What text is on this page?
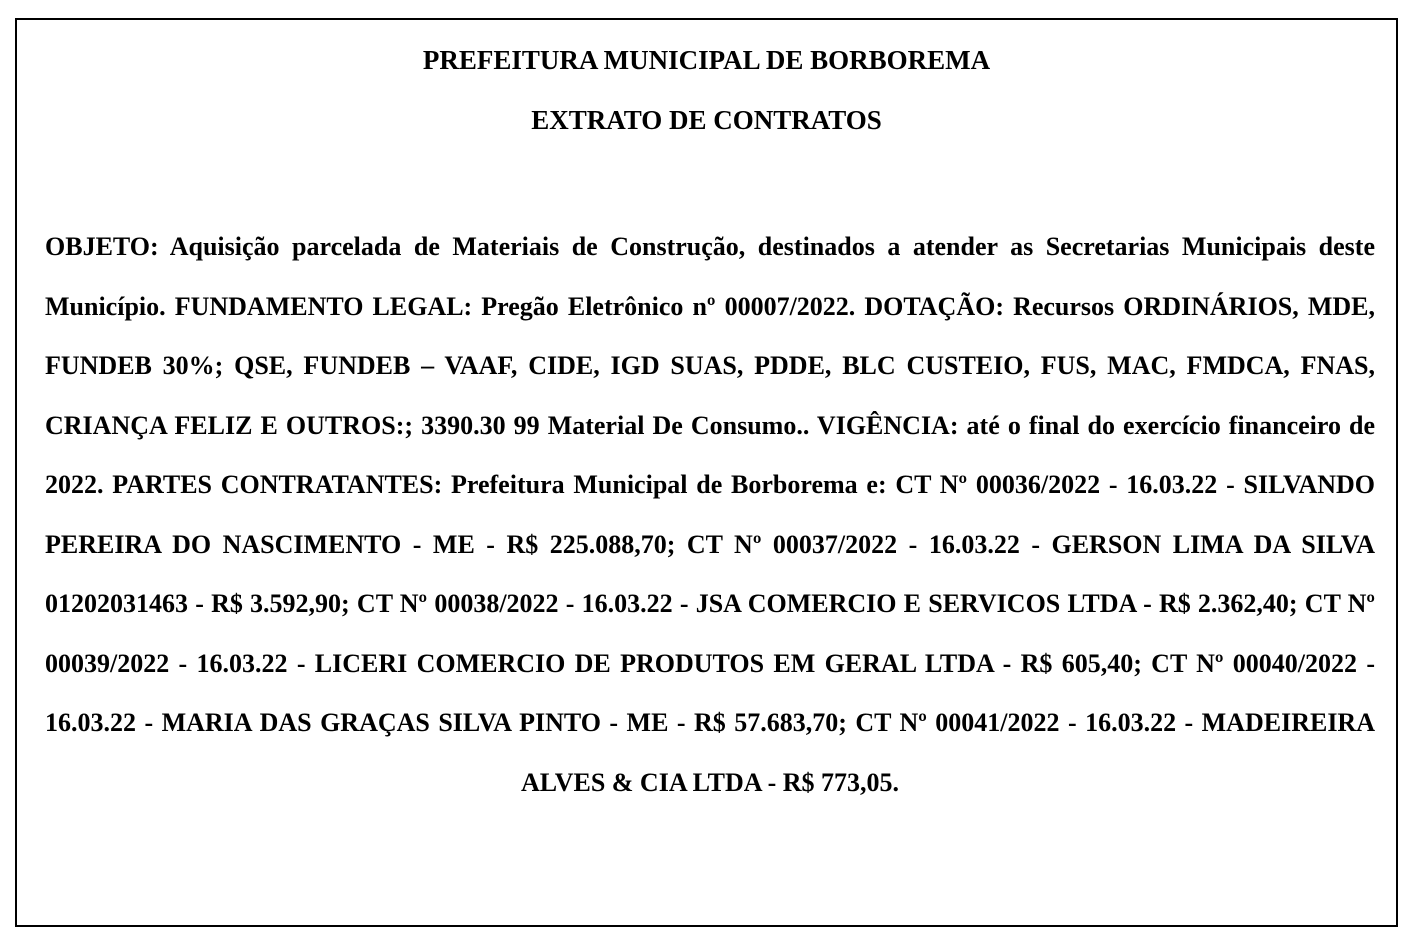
PREFEITURA MUNICIPAL DE BORBOREMA

EXTRATO DE CONTRATOS

OBJETO: Aquisição parcelada de Materiais de Construção, destinados a atender as Secretarias Municipais deste Município. FUNDAMENTO LEGAL: Pregão Eletrônico nº 00007/2022. DOTAÇÃO: Recursos ORDINÁRIOS, MDE, FUNDEB 30%; QSE, FUNDEB – VAAF, CIDE, IGD SUAS, PDDE, BLC CUSTEIO, FUS, MAC, FMDCA, FNAS, CRIANÇA FELIZ E OUTROS:; 3390.30 99 Material De Consumo.. VIGÊNCIA: até o final do exercício financeiro de 2022. PARTES CONTRATANTES: Prefeitura Municipal de Borborema e: CT Nº 00036/2022 - 16.03.22 - SILVANDO PEREIRA DO NASCIMENTO - ME - R$ 225.088,70; CT Nº 00037/2022 - 16.03.22 - GERSON LIMA DA SILVA 01202031463 - R$ 3.592,90; CT Nº 00038/2022 - 16.03.22 - JSA COMERCIO E SERVICOS LTDA - R$ 2.362,40; CT Nº 00039/2022 - 16.03.22 - LICERI COMERCIO DE PRODUTOS EM GERAL LTDA - R$ 605,40; CT Nº 00040/2022 - 16.03.22 - MARIA DAS GRAÇAS SILVA PINTO - ME - R$ 57.683,70; CT Nº 00041/2022 - 16.03.22 - MADEIREIRA ALVES & CIA LTDA - R$ 773,05.
